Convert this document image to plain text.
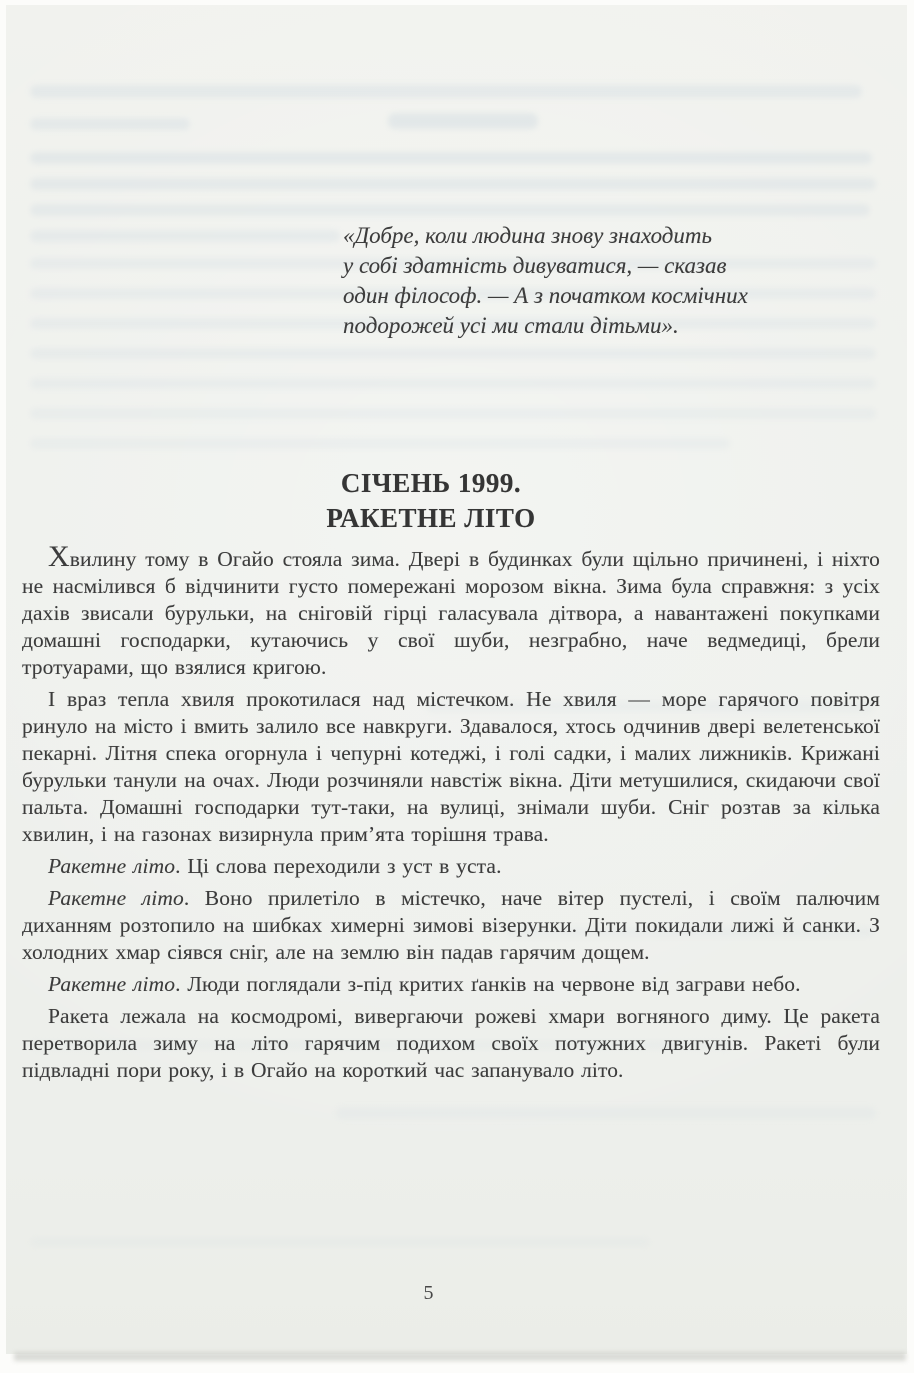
«Добре, коли людина знову знаходить
у собі здатність дивуватися, — сказав
один філософ. — А з початком космічних
подорожей усі ми стали дітьми».
СІЧЕНЬ 1999.
РАКЕТНЕ ЛІТО

Хвилину тому в Огайо стояла зима. Двері в будинках були щільно причинені, і ніхто не насмілився б відчинити густо помережані морозом вікна. Зима була справжня: з усіх дахів звисали бурульки, на сніговій гірці галасувала дітвора, а навантажені покупками домашні господарки, кутаючись у свої шуби, незграбно, наче ведмедиці, брели тротуарами, що взялися кригою.

І враз тепла хвиля прокотилася над містечком. Не хвиля — море гарячого повітря ринуло на місто і вмить залило все навкруги. Здавалося, хтось одчинив двері велетенської пекарні. Літня спека огорнула і чепурні котеджі, і голі садки, і малих лижників. Крижані бурульки танули на очах. Люди розчиняли навстіж вікна. Діти метушилися, скидаючи свої пальта. Домашні господарки тут-таки, на вулиці, знімали шуби. Сніг розтав за кілька хвилин, і на газонах визирнула прим’ята торішня трава.

Ракетне літо. Ці слова переходили з уст в уста.

Ракетне літо. Воно прилетіло в містечко, наче вітер пустелі, і своїм палючим диханням розтопило на шибках химерні зимові візерунки. Діти покидали лижі й санки. З холодних хмар сіявся сніг, але на землю він падав гарячим дощем.

Ракетне літо. Люди поглядали з-під критих ґанків на червоне від заграви небо.

Ракета лежала на космодромі, вивергаючи рожеві хмари вогняного диму. Це ракета перетворила зиму на літо гарячим подихом своїх потужних двигунів. Ракеті були підвладні пори року, і в Огайо на короткий час запанувало літо.

5
